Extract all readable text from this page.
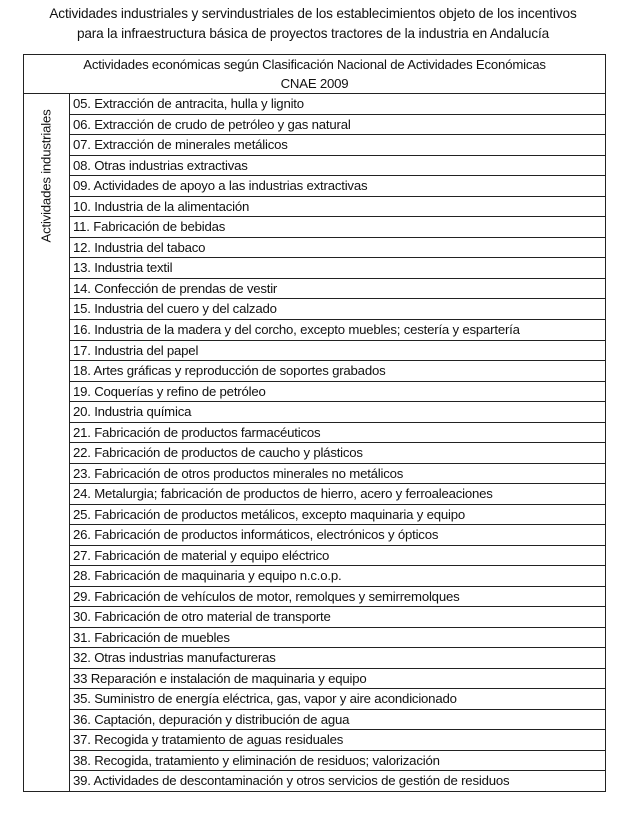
Actividades industriales y servindustriales de los establecimientos objeto de los incentivos
para la infraestructura básica de proyectos tractores de la industria en Andalucía
Actividades económicas según Clasificación Nacional de Actividades Económicas
CNAE 2009

Actividades industriales
	05. Extracción de antracita, hulla y lignito
06. Extracción de crudo de petróleo y gas natural
07. Extracción de minerales metálicos
08. Otras industrias extractivas
09. Actividades de apoyo a las industrias extractivas
10. Industria de la alimentación
11. Fabricación de bebidas
12. Industria del tabaco
13. Industria textil
14. Confección de prendas de vestir
15. Industria del cuero y del calzado
16. Industria de la madera y del corcho, excepto muebles; cestería y espartería
17. Industria del papel
18. Artes gráficas y reproducción de soportes grabados
19. Coquerías y refino de petróleo
20. Industria química
21. Fabricación de productos farmacéuticos
22. Fabricación de productos de caucho y plásticos
23. Fabricación de otros productos minerales no metálicos
24. Metalurgia; fabricación de productos de hierro, acero y ferroaleaciones
25. Fabricación de productos metálicos, excepto maquinaria y equipo
26. Fabricación de productos informáticos, electrónicos y ópticos
27. Fabricación de material y equipo eléctrico
28. Fabricación de maquinaria y equipo n.c.o.p.
29. Fabricación de vehículos de motor, remolques y semirremolques
30. Fabricación de otro material de transporte
31. Fabricación de muebles
32. Otras industrias manufactureras
33 Reparación e instalación de maquinaria y equipo
35. Suministro de energía eléctrica, gas, vapor y aire acondicionado
36. Captación, depuración y distribución de agua
37. Recogida y tratamiento de aguas residuales
38. Recogida, tratamiento y eliminación de residuos; valorización
39. Actividades de descontaminación y otros servicios de gestión de residuos
